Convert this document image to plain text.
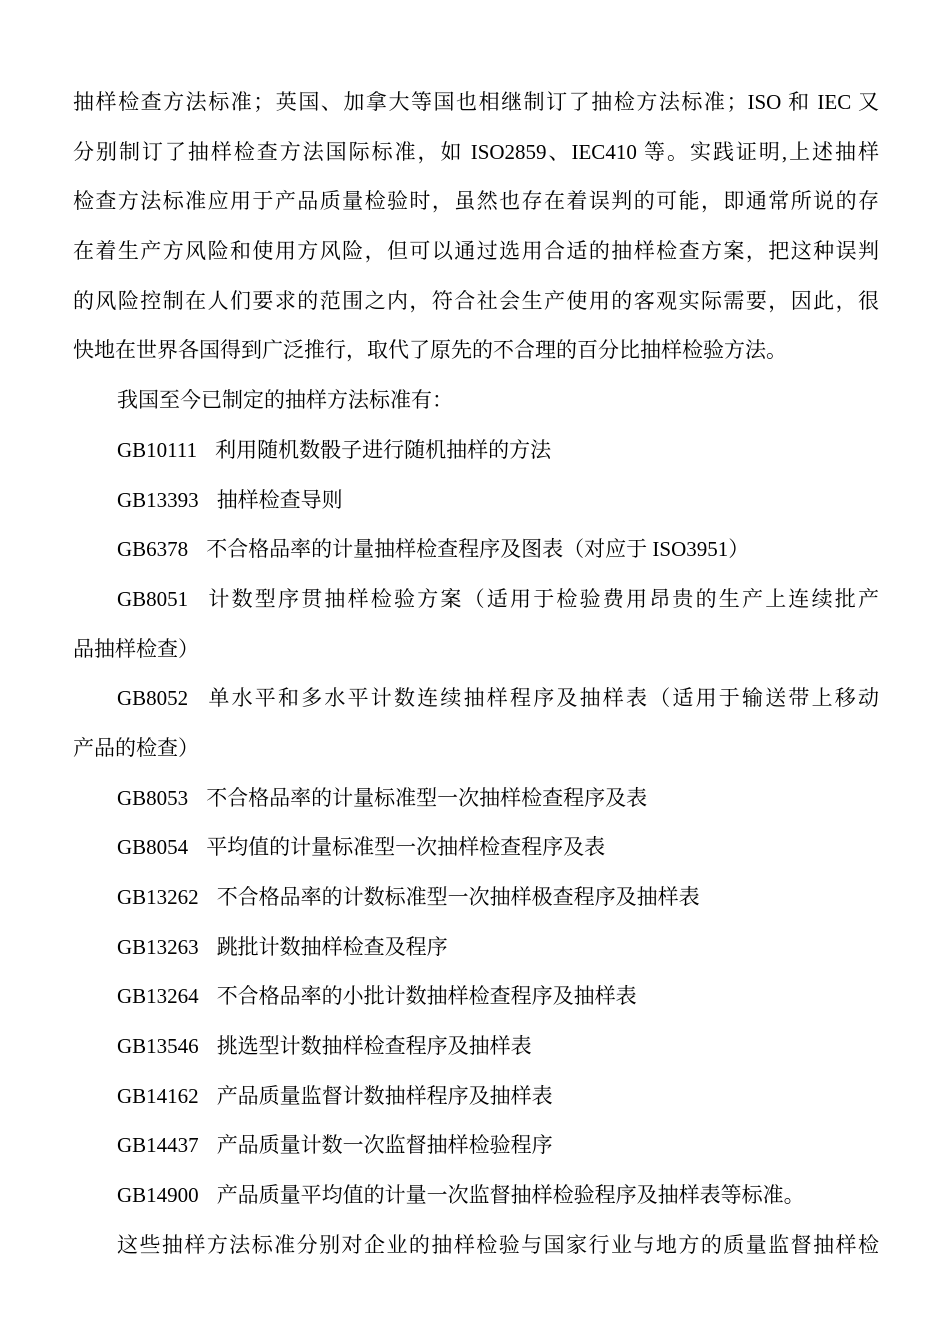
抽样检查方法标准；英国、加拿大等国也相继制订了抽检方法标准；ISO 和 IEC 又
分别制订了抽样检查方法国际标准，如 ISO2859、IEC410 等。实践证明,上述抽样
检查方法标准应用于产品质量检验时，虽然也存在着误判的可能，即通常所说的存
在着生产方风险和使用方风险，但可以通过选用合适的抽样检查方案，把这种误判
的风险控制在人们要求的范围之内，符合社会生产使用的客观实际需要，因此，很
快地在世界各国得到广泛推行，取代了原先的不合理的百分比抽样检验方法。
我国至今已制定的抽样方法标准有：
GB10111 利用随机数骰子进行随机抽样的方法
GB13393 抽样检查导则
GB6378 不合格品率的计量抽样检查程序及图表（对应于 ISO3951）
GB8051 计数型序贯抽样检验方案（适用于检验费用昂贵的生产上连续批产
品抽样检查）
GB8052 单水平和多水平计数连续抽样程序及抽样表（适用于输送带上移动
产品的检查）
GB8053 不合格品率的计量标准型一次抽样检查程序及表
GB8054 平均值的计量标准型一次抽样检查程序及表
GB13262 不合格品率的计数标准型一次抽样极查程序及抽样表
GB13263 跳批计数抽样检查及程序
GB13264 不合格品率的小批计数抽样检查程序及抽样表
GB13546 挑选型计数抽样检查程序及抽样表
GB14162 产品质量监督计数抽样程序及抽样表
GB14437 产品质量计数一次监督抽样检验程序
GB14900 产品质量平均值的计量一次监督抽样检验程序及抽样表等标准。
这些抽样方法标准分别对企业的抽样检验与国家行业与地方的质量监督抽样检
